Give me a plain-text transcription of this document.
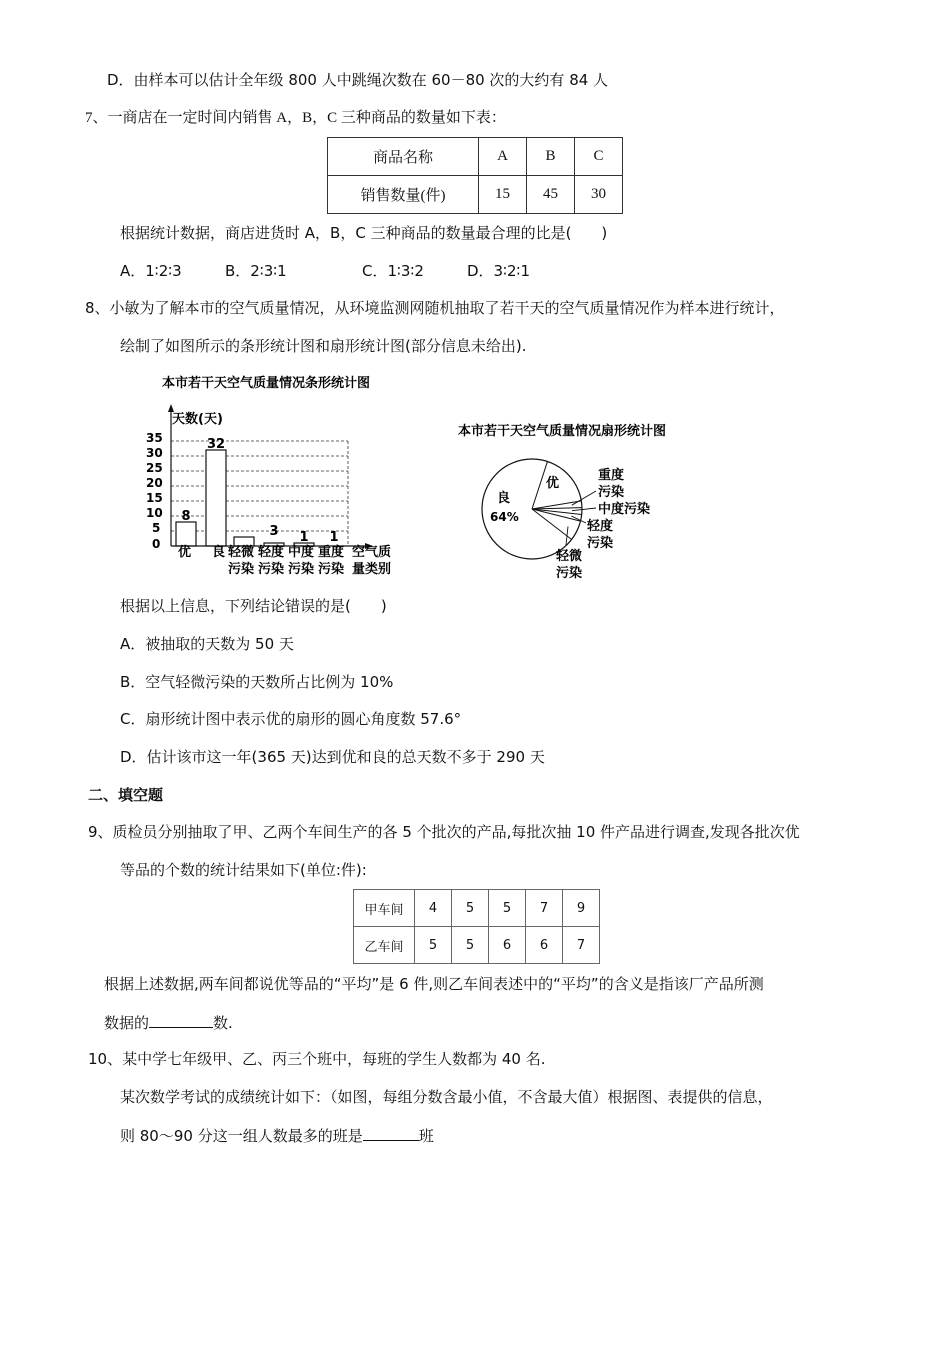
D．由样本可以估计全年级 800 人中跳绳次数在 60－80 次的大约有 84 人
7、一商店在一定时间内销售 A，B，C 三种商品的数量如下表：
商品名称	A	B	C
销售数量(件)	15	45	30
根据统计数据，商店进货时 A，B，C 三种商品的数量最合理的比是(　　)
A．1∶2∶3	B．2∶3∶1	C．1∶3∶2	D．3∶2∶1
8、小敏为了解本市的空气质量情况，从环境监测网随机抽取了若干天的空气质量情况作为样本进行统计，
绘制了如图所示的条形统计图和扇形统计图(部分信息未给出).
本市若干天空气质量情况条形统计图
天数(天)
8
32
3 1 1
35
30
25
20
15
10
5
0
优 良 轻微 轻度 中度 重度
污染 污染 污染 污染
空气质
量类别
本市若干天空气质量情况扇形统计图
良
64%
优
重度
污染
中度污染
轻度
污染
轻微
污染
根据以上信息，下列结论错误的是(　　)
A．被抽取的天数为 50 天
B．空气轻微污染的天数所占比例为 10%
C．扇形统计图中表示优的扇形的圆心角度数 57.6°
D．估计该市这一年(365 天)达到优和良的总天数不多于 290 天
二、填空题
9、质检员分别抽取了甲、乙两个车间生产的各 5 个批次的产品,每批次抽 10 件产品进行调查,发现各批次优
等品的个数的统计结果如下(单位:件):
甲车间	4	5	5	7	9
乙车间	5	5	6	6	7
根据上述数据,两车间都说优等品的“平均”是 6 件,则乙车间表述中的“平均”的含义是指该厂产品所测
数据的	数.
10、某中学七年级甲、乙、丙三个班中，每班的学生人数都为 40 名.
某次数学考试的成绩统计如下：（如图，每组分数含最小值，不含最大值）根据图、表提供的信息，
则 80～90 分这一组人数最多的班是	班
